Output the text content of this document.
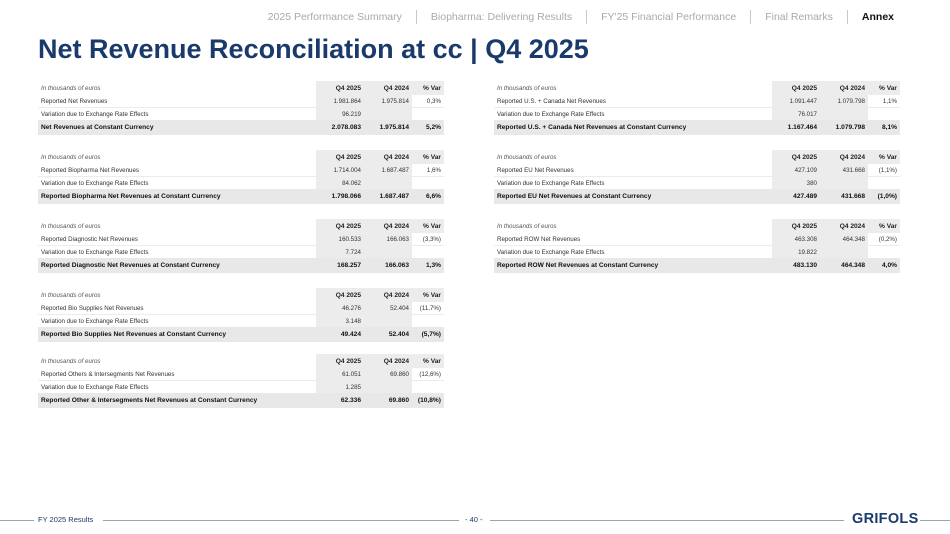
2025 Performance Summary	Biopharma: Delivering Results	FY'25 Financial Performance	Final Remarks	Annex
Net Revenue Reconciliation at cc | Q4 2025
In thousands of euros	Q4 2025	Q4 2024	% Var
Reported Net Revenues	1.981.864	1.975.814	0,3%
Variation due to Exchange Rate Effects	96.219		
Net Revenues at Constant Currency	2.078.083	1.975.814	5,2%
In thousands of euros	Q4 2025	Q4 2024	% Var
Reported Biopharma Net Revenues	1.714.004	1.687.487	1,6%
Variation due to Exchange Rate Effects	84.062		
Reported Biopharma Net Revenues at Constant Currency	1.798.066	1.687.487	6,6%
In thousands of euros	Q4 2025	Q4 2024	% Var
Reported Diagnostic Net Revenues	160.533	166.063	(3,3%)
Variation due to Exchange Rate Effects	7.724		
Reported Diagnostic Net Revenues at Constant Currency	168.257	166.063	1,3%
In thousands of euros	Q4 2025	Q4 2024	% Var
Reported Bio Supplies Net Revenues	46.276	52.404	(11,7%)
Variation due to Exchange Rate Effects	3.148		
Reported Bio Supplies Net Revenues at Constant Currency	49.424	52.404	(5,7%)
In thousands of euros	Q4 2025	Q4 2024	% Var
Reported Others & Intersegments Net Revenues	61.051	69.860	(12,6%)
Variation due to Exchange Rate Effects	1.285		
Reported Other & Intersegments Net Revenues at Constant Currency	62.336	69.860	(10,8%)
In thousands of euros	Q4 2025	Q4 2024	% Var
Reported U.S. + Canada Net Revenues	1.091.447	1.079.798	1,1%
Variation due to Exchange Rate Effects	76.017		
Reported U.S. + Canada Net Revenues at Constant Currency	1.167.464	1.079.798	8,1%
In thousands of euros	Q4 2025	Q4 2024	% Var
Reported EU Net Revenues	427.109	431.668	(1,1%)
Variation due to Exchange Rate Effects	380		
Reported EU Net Revenues at Constant Currency	427.489	431.668	(1,0%)
In thousands of euros	Q4 2025	Q4 2024	% Var
Reported ROW Net Revenues	463.308	464.348	(0,2%)
Variation due to Exchange Rate Effects	19.822		
Reported ROW Net Revenues at Constant Currency	483.130	464.348	4,0%
FY 2025 Results	- 40 -	GRIFOLS
